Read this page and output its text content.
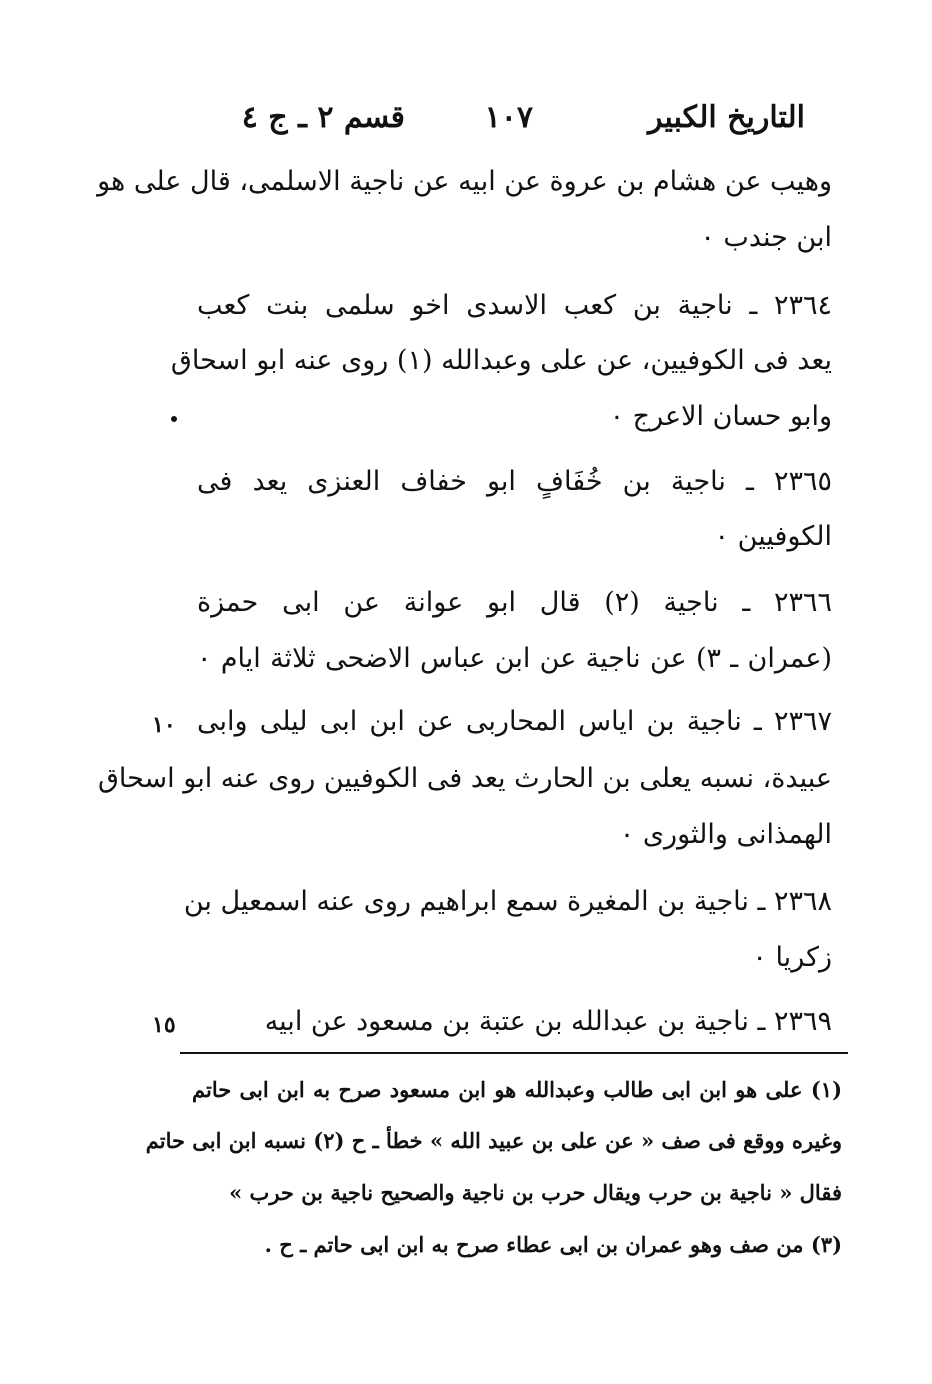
التاريخ الكبير
١٠٧
قسم ٢ ـ ج ٤
وهيب عن هشام بن عروة عن ابيه عن ناجية الاسلمى، قال على هو
ابن جندب ٠
٢٣٦٤ ـ ناجية بن كعب الاسدى اخو سلمى بنت كعب
يعد فى الكوفيين، عن على وعبدالله (١) روى عنه ابو اسحاق
وابو حسان الاعرج ٠
٢٣٦٥ ـ ناجية بن خُفَافٍ ابو خفاف العنزى يعد فى
الكوفيين ٠
٢٣٦٦ ـ ناجية (٢) قال ابو عوانة عن ابى حمزة
(عمران ـ ٣) عن ناجية عن ابن عباس الاضحى ثلاثة ايام ٠
٢٣٦٧ ـ ناجية بن اياس المحاربى عن ابن ابى ليلى وابى
عبيدة، نسبه يعلى بن الحارث يعد فى الكوفيين روى عنه ابو اسحاق
الهمذانى والثورى ٠
٢٣٦٨ ـ ناجية بن المغيرة سمع ابراهيم روى عنه اسمعيل بن
زكريا ٠
٢٣٦٩ ـ ناجية بن عبدالله بن عتبة بن مسعود عن ابيه
١٠
١٥
(١) على هو ابن ابى طالب وعبدالله هو ابن مسعود صرح به ابن ابى حاتم
وغيره ووقع فى صف « عن على بن عبيد الله » خطأ ـ ح (٢) نسبه ابن ابى حاتم
فقال « ناجية بن حرب ويقال حرب بن ناجية والصحيح ناجية بن حرب »
(٣) من صف وهو عمران بن ابى عطاء صرح به ابن ابى حاتم ـ ح .
